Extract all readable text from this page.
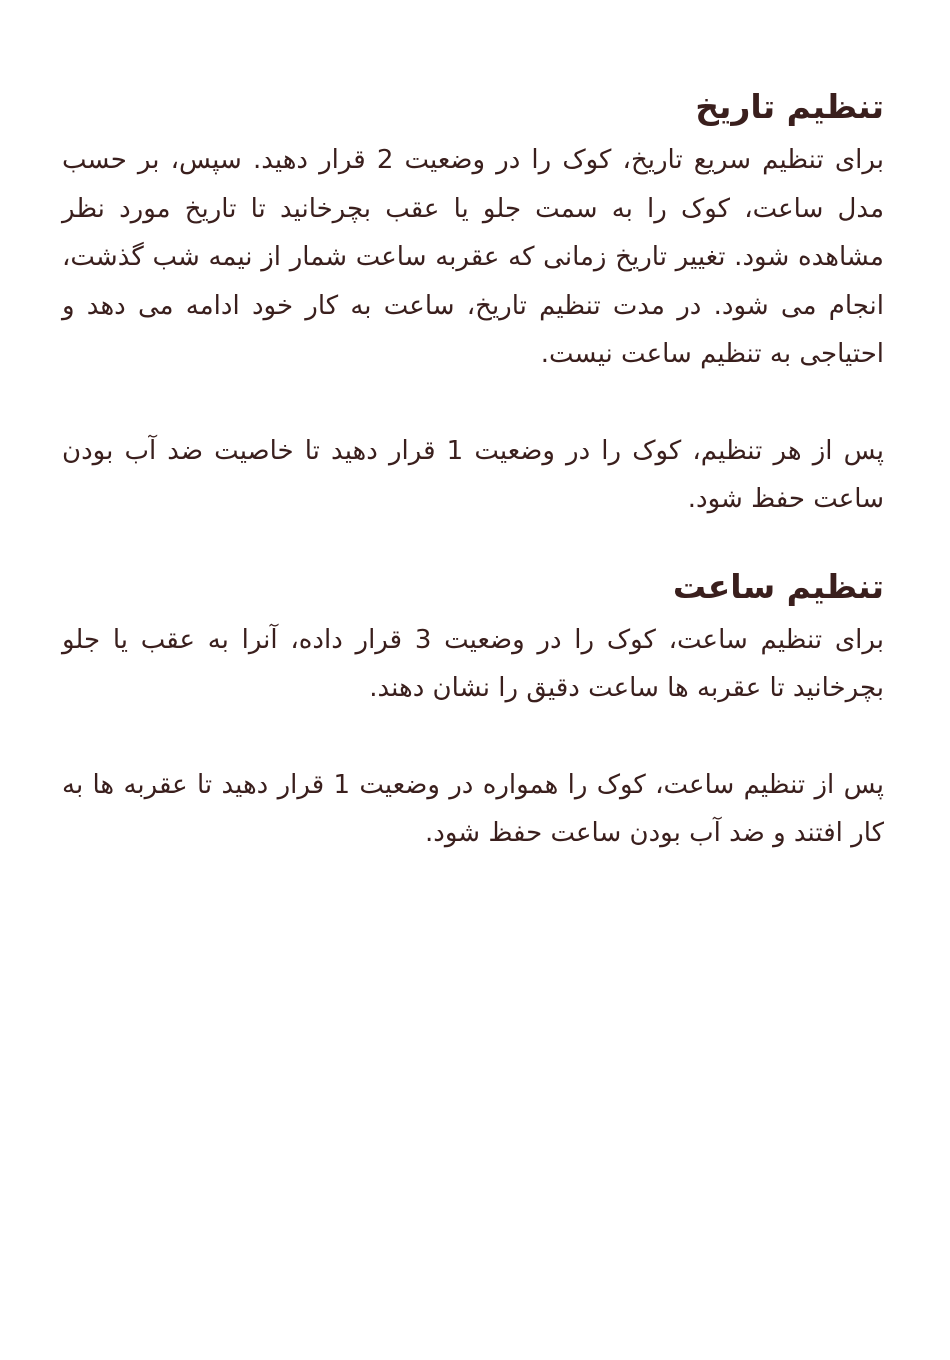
تنظیم تاریخ

برای تنظیم سریع تاریخ، کوک را در وضعیت 2 قرار دهید. سپس، بر حسب مدل ساعت، کوک را به سمت جلو یا عقب بچرخانید تا تاریخ مورد نظر مشاهده شود. تغییر تاریخ زمانی که عقربه ساعت شمار از نیمه شب گذشت، انجام می شود. در مدت تنظیم تاریخ، ساعت به کار خود ادامه می دهد و احتیاجی به تنظیم ساعت نیست.

پس از هر تنظیم، کوک را در وضعیت 1 قرار دهید تا خاصیت ضد آب بودن ساعت حفظ شود.

تنظیم ساعت

برای تنظیم ساعت، کوک را در وضعیت 3 قرار داده، آنرا به عقب یا جلو بچرخانید تا عقربه ها ساعت دقیق را نشان دهند.

پس از تنظیم ساعت، کوک را همواره در وضعیت 1 قرار دهید تا عقربه ها به کار افتند و ضد آب بودن ساعت حفظ شود.
